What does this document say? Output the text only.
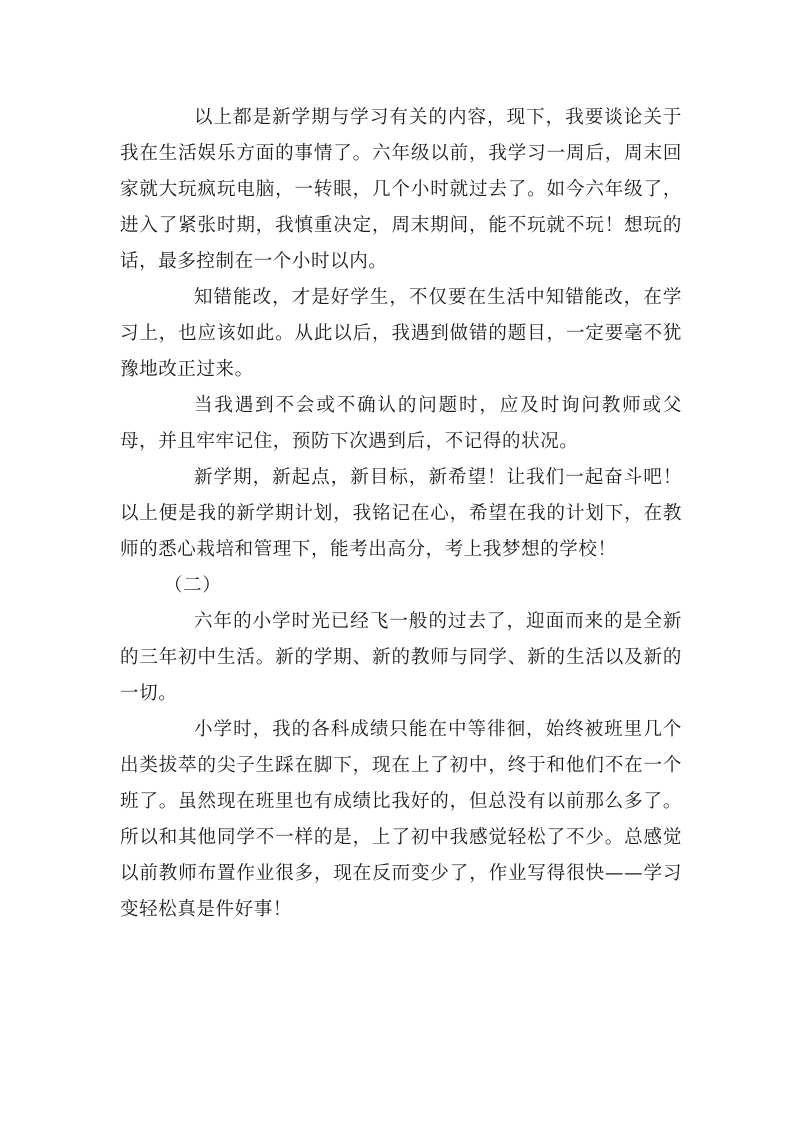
以上都是新学期与学习有关的内容，现下，我要谈论关于我在生活娱乐方面的事情了。六年级以前，我学习一周后，周末回家就大玩疯玩电脑，一转眼，几个小时就过去了。如今六年级了，进入了紧张时期，我慎重决定，周末期间，能不玩就不玩！想玩的话，最多控制在一个小时以内。

知错能改，才是好学生，不仅要在生活中知错能改，在学习上，也应该如此。从此以后，我遇到做错的题目，一定要毫不犹豫地改正过来。

当我遇到不会或不确认的问题时，应及时询问教师或父母，并且牢牢记住，预防下次遇到后，不记得的状况。

新学期，新起点，新目标，新希望！让我们一起奋斗吧！以上便是我的新学期计划，我铭记在心，希望在我的计划下，在教师的悉心栽培和管理下，能考出高分，考上我梦想的学校！

（二）

六年的小学时光已经飞一般的过去了，迎面而来的是全新的三年初中生活。新的学期、新的教师与同学、新的生活以及新的一切。

小学时，我的各科成绩只能在中等徘徊，始终被班里几个出类拔萃的尖子生踩在脚下，现在上了初中，终于和他们不在一个班了。虽然现在班里也有成绩比我好的，但总没有以前那么多了。所以和其他同学不一样的是，上了初中我感觉轻松了不少。总感觉以前教师布置作业很多，现在反而变少了，作业写得很快——学习变轻松真是件好事！
